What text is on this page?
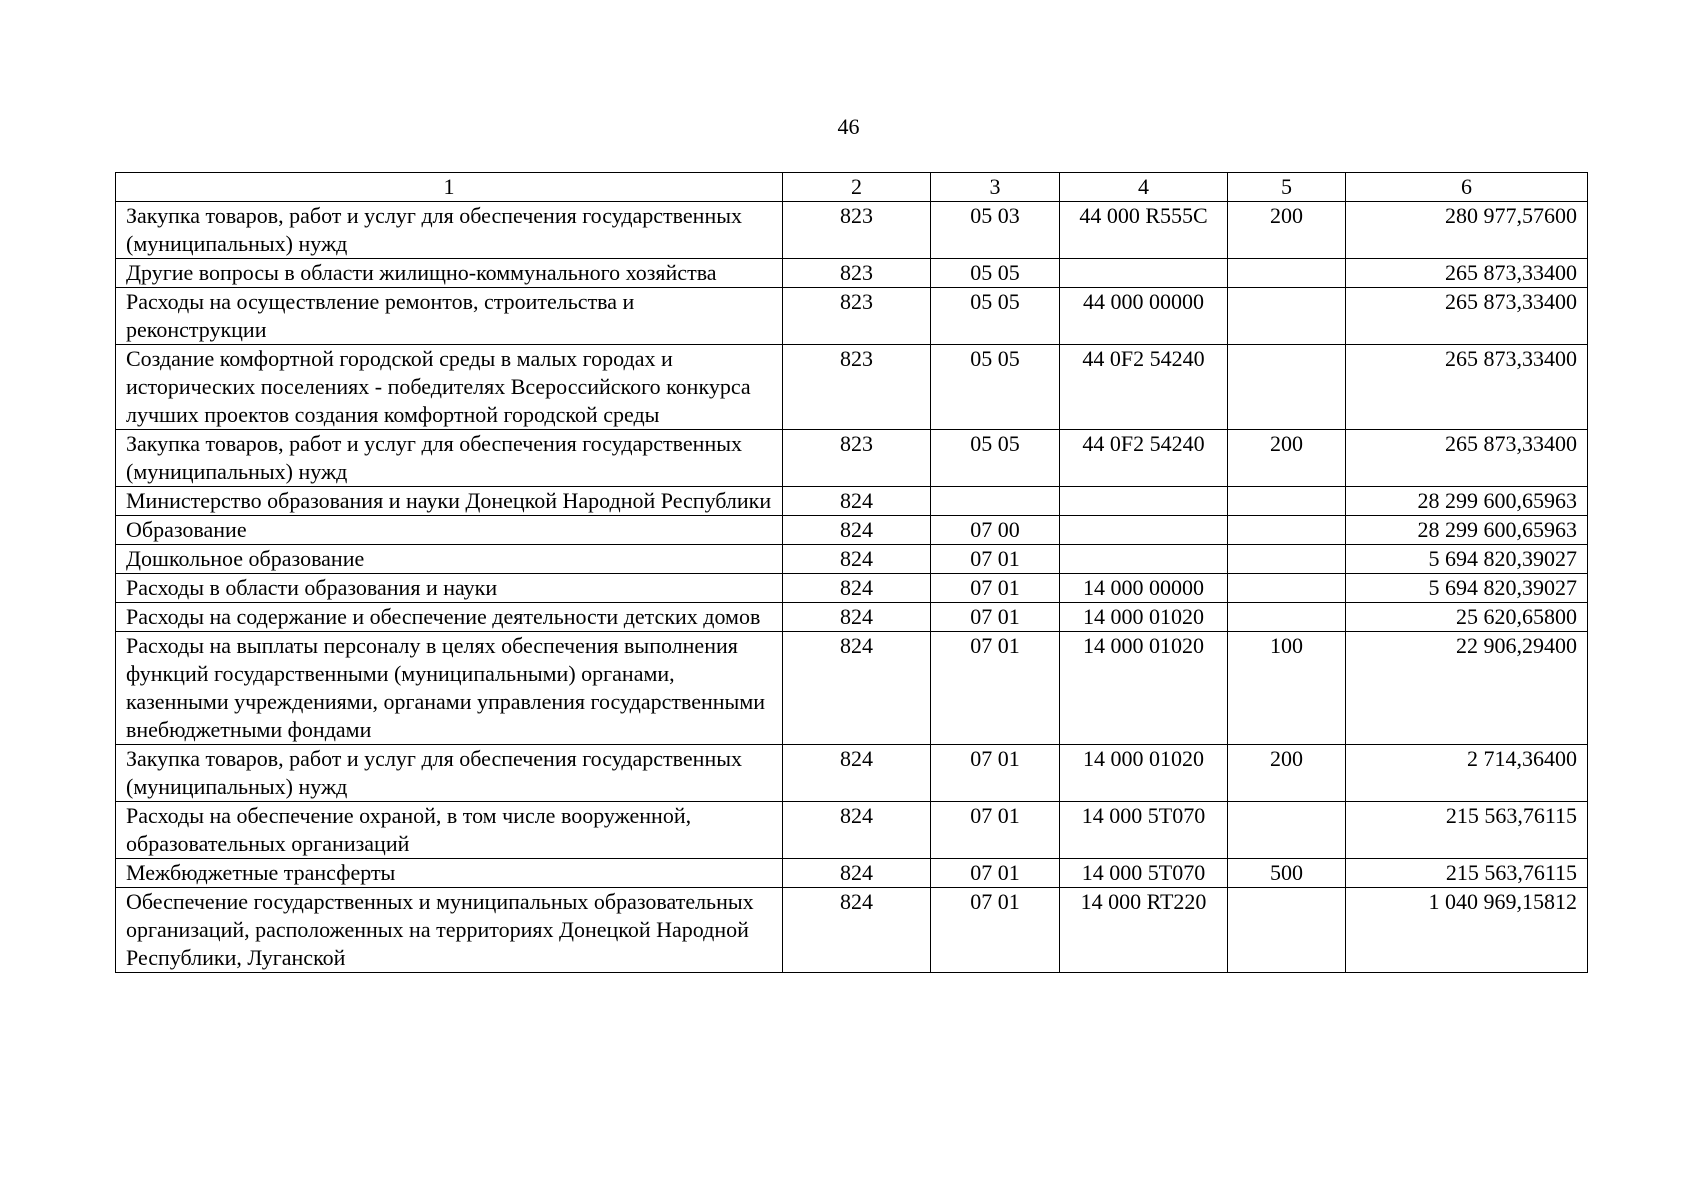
46
1	2	3	4	5	6
Закупка товаров, работ и услуг для обеспечения государственных (муниципальных) нужд	823	05 03	44 000 R555C	200	280 977,57600
Другие вопросы в области жилищно-коммунального хозяйства	823	05 05			265 873,33400
Расходы на осуществление ремонтов, строительства и реконструкции	823	05 05	44 000 00000		265 873,33400
Создание комфортной городской среды в малых городах и исторических поселениях - победителях Всероссийского конкурса лучших проектов создания комфортной городской среды	823	05 05	44 0F2 54240		265 873,33400
Закупка товаров, работ и услуг для обеспечения государственных (муниципальных) нужд	823	05 05	44 0F2 54240	200	265 873,33400
Министерство образования и науки Донецкой Народной Республики	824				28 299 600,65963
Образование	824	07 00			28 299 600,65963
Дошкольное образование	824	07 01			5 694 820,39027
Расходы в области образования и науки	824	07 01	14 000 00000		5 694 820,39027
Расходы на содержание и обеспечение деятельности детских домов	824	07 01	14 000 01020		25 620,65800
Расходы на выплаты персоналу в целях обеспечения выполнения функций государственными (муниципальными) органами, казенными учреждениями, органами управления государственными внебюджетными фондами	824	07 01	14 000 01020	100	22 906,29400
Закупка товаров, работ и услуг для обеспечения государственных (муниципальных) нужд	824	07 01	14 000 01020	200	2 714,36400
Расходы на обеспечение охраной, в том числе вооруженной, образовательных организаций	824	07 01	14 000 5T070		215 563,76115
Межбюджетные трансферты	824	07 01	14 000 5T070	500	215 563,76115
Обеспечение государственных и муниципальных образовательных организаций, расположенных на территориях Донецкой Народной Республики, Луганской	824	07 01	14 000 RT220		1 040 969,15812
